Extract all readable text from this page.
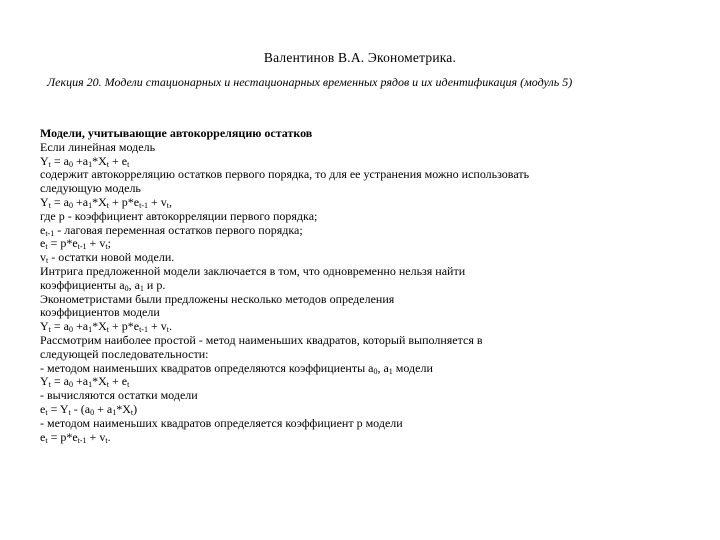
Валентинов В.А. Эконометрика.
Лекция 20. Модели стационарных и нестационарных временных рядов и их идентификация (модуль 5)
Модели, учитывающие автокорреляцию остатков
Если линейная модель
$Y_t = a_0 +a_1*X_t + e_t$
содержит автокорреляцию остатков первого порядка, то для ее устранения можно использовать
следующую модель
$Y_t = a_0 +a_1*X_t + p*e_{t-1} + v_t$,
где p - коэффициент автокорреляции первого порядка;
$e_{t-1}$ - лаговая переменная остатков первого порядка;
$e_t = p*e_{t-1} + v_t$;
$v_t$ - остатки новой модели.
Интрига предложенной модели заключается в том, что одновременно нельзя найти
коэффициенты $a_0$, $a_1$ и p.
Эконометристами были предложены несколько методов определения
коэффициентов модели
$Y_t = a_0 +a_1*X_t + p*e_{t-1} + v_t$.
Рассмотрим наиболее простой - метод наименьших квадратов, который выполняется в
следующей последовательности:
- методом наименьших квадратов определяются коэффициенты $a_0$, $a_1$ модели
$Y_t = a_0 +a_1*X_t + e_t$
- вычисляются остатки модели
$e_t = Y_t - (a_0 + a_1*X_t)$
- методом наименьших квадратов определяется коэффициент p модели
$e_t = p*e_{t-1} + v_t$.
